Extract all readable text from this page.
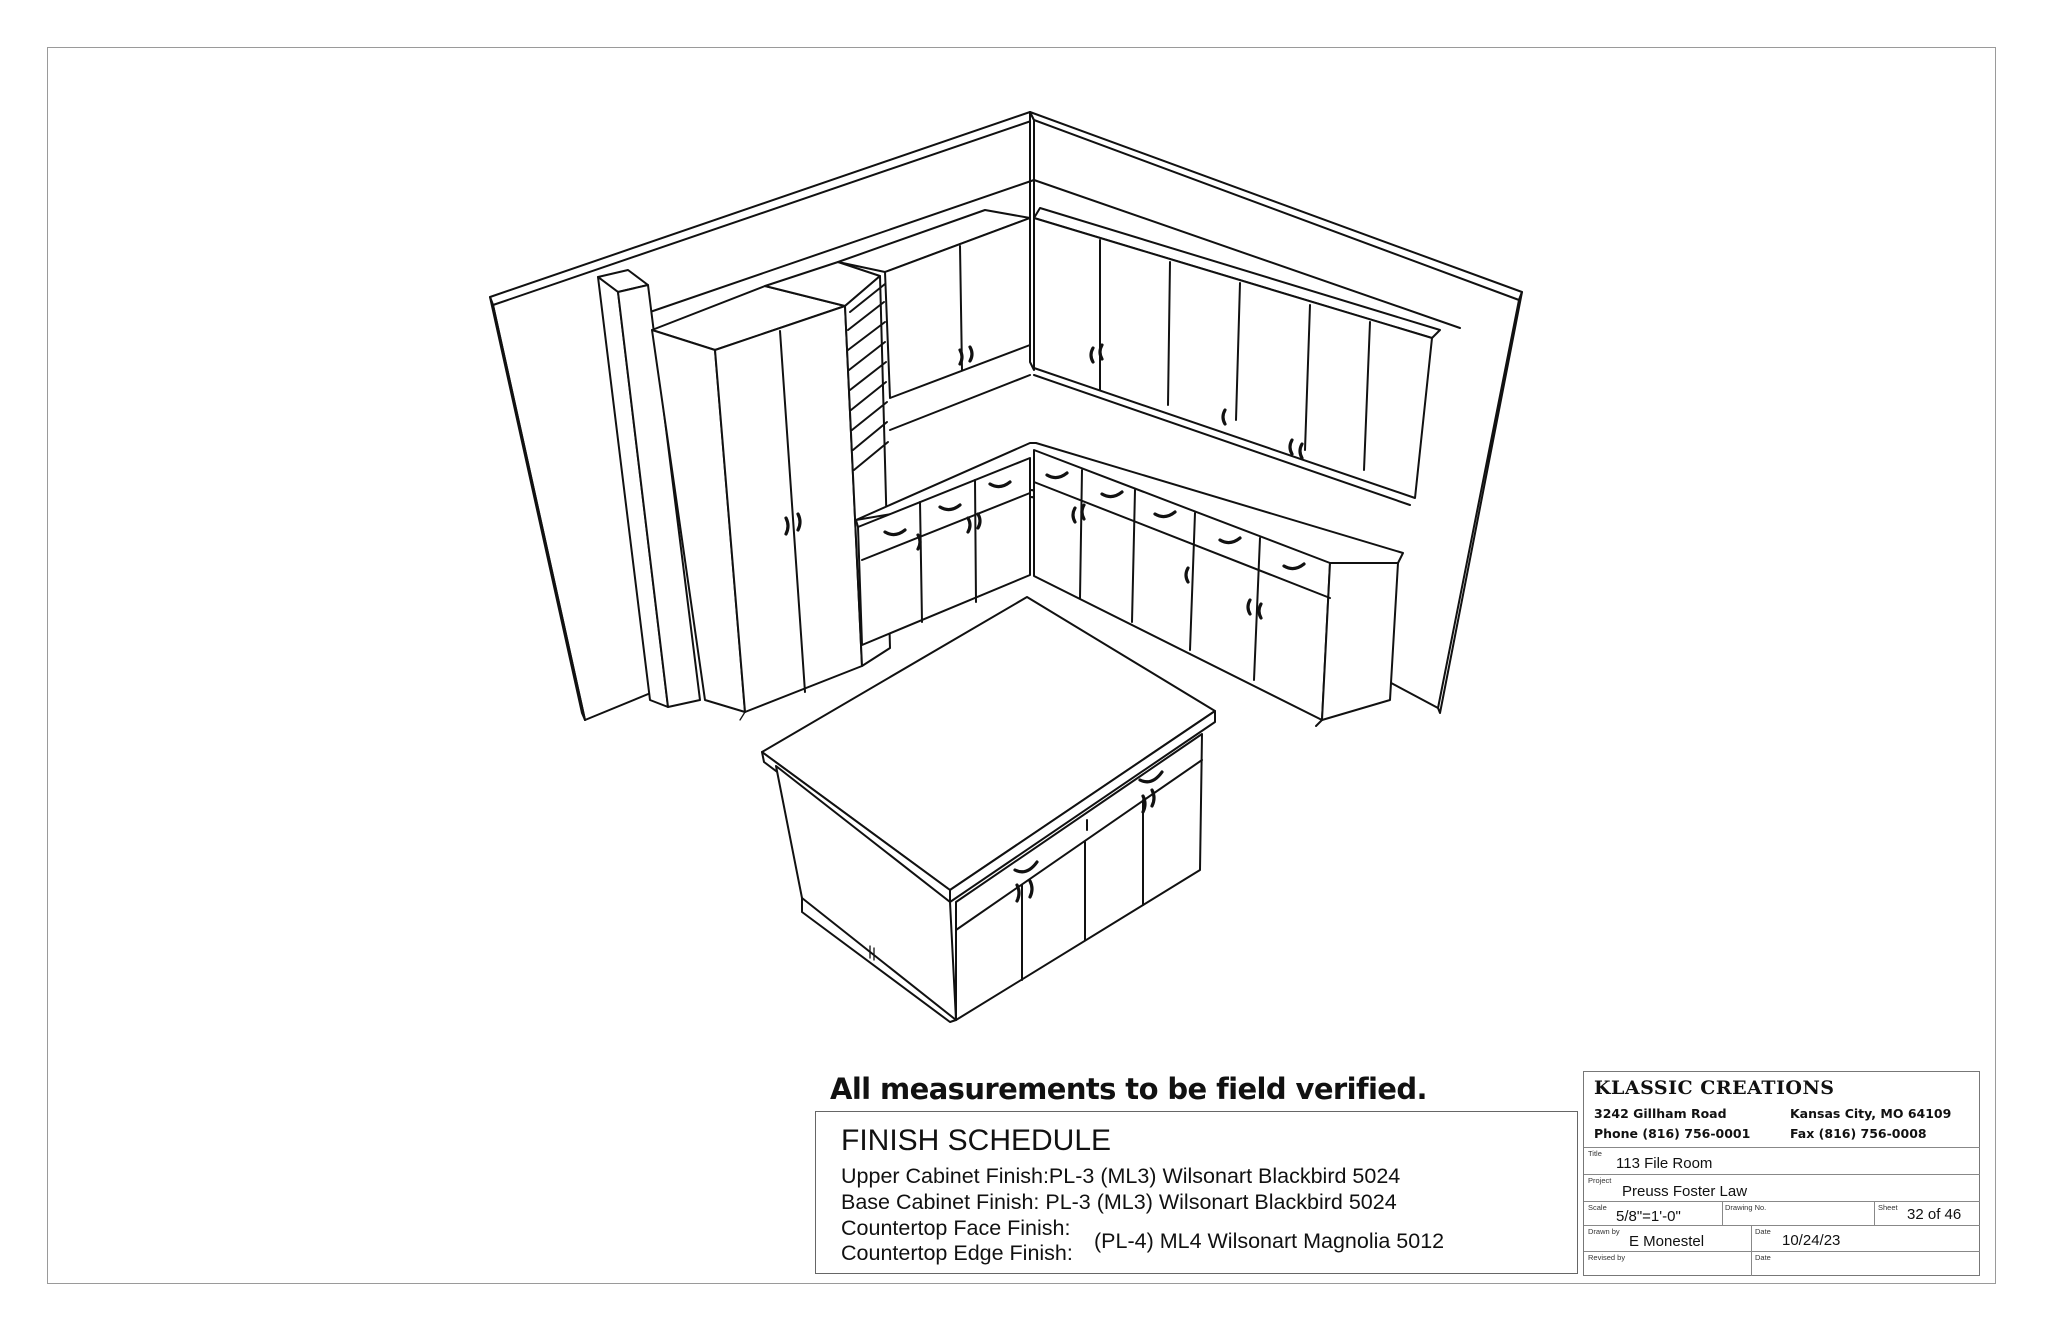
All measurements to be field verified.
FINISH SCHEDULE
Upper Cabinet Finish:PL-3 (ML3) Wilsonart Blackbird 5024
Base Cabinet Finish: PL-3 (ML3) Wilsonart Blackbird 5024
Countertop Face Finish:
Countertop Edge Finish: (PL-4) ML4 Wilsonart Magnolia 5012
KLASSIC CREATIONS
3242 Gillham Road
Phone (816) 756-0001
Kansas City, MO 64109
Fax (816) 756-0008
Title
113 File Room
Project
Preuss Foster Law
Scale
5/8"=1'-0"
Drawing No.	Sheet 32 of 46
Drawn by
E Monestel
Date
10/24/23
Revised by	Date
